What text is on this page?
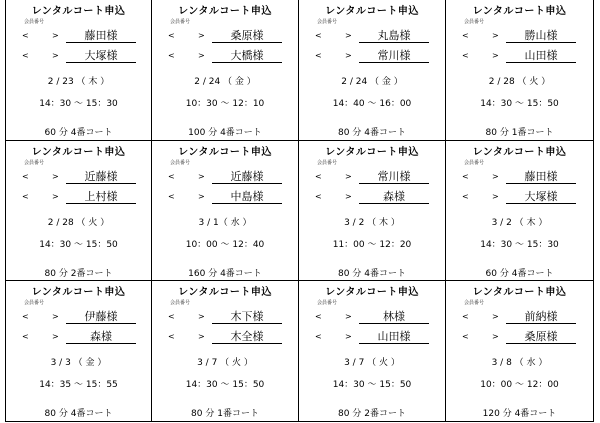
レンタルコート申込
会員番号
<	>	藤田様
<	>	大塚様
2 / 23 （ 木 ）
14：30 ～ 15：30
60 分 4番コート
レンタルコート申込
会員番号
<	>	桑原様
<	>	大橋様
2 / 24 （ 金 ）
10：30 ～ 12：10
100 分 4番コート
レンタルコート申込
会員番号
<	>	丸島様
<	>	常川様
2 / 24 （ 金 ）
14：40 ～ 16：00
80 分 4番コート
レンタルコート申込
会員番号
<	>	勝山様
<	>	山田様
2 / 28 （ 火 ）
14：30 ～ 15：50
80 分 1番コート
レンタルコート申込
会員番号
<	>	近藤様
<	>	上村様
2 / 28 （ 火 ）
14：30 ～ 15：50
80 分 2番コート
レンタルコート申込
会員番号
<	>	近藤様
<	>	中島様
3 / 1（ 水 ）
10：00 ～ 12：40
160 分 4番コート
レンタルコート申込
会員番号
<	>	常川様
<	>	森様
3 / 2 （ 木 ）
11：00 ～ 12：20
80 分 4番コート
レンタルコート申込
会員番号
<	>	藤田様
<	>	大塚様
3 / 2 （ 木 ）
14：30 ～ 15：30
60 分 4番コート
レンタルコート申込
会員番号
<	>	伊藤様
<	>	森様
3 / 3 （ 金 ）
14：35 ～ 15：55
80 分 4番コート
レンタルコート申込
会員番号
<	>	木下様
<	>	木全様
3 / 7 （ 火 ）
14：30 ～ 15：50
80 分 1番コート
レンタルコート申込
会員番号
<	>	林様
<	>	山田様
3 / 7 （ 火 ）
14：30 ～ 15：50
80 分 2番コート
レンタルコート申込
会員番号
<	>	前納様
<	>	桑原様
3 / 8 （ 水 ）
10：00 ～ 12：00
120 分 4番コート
